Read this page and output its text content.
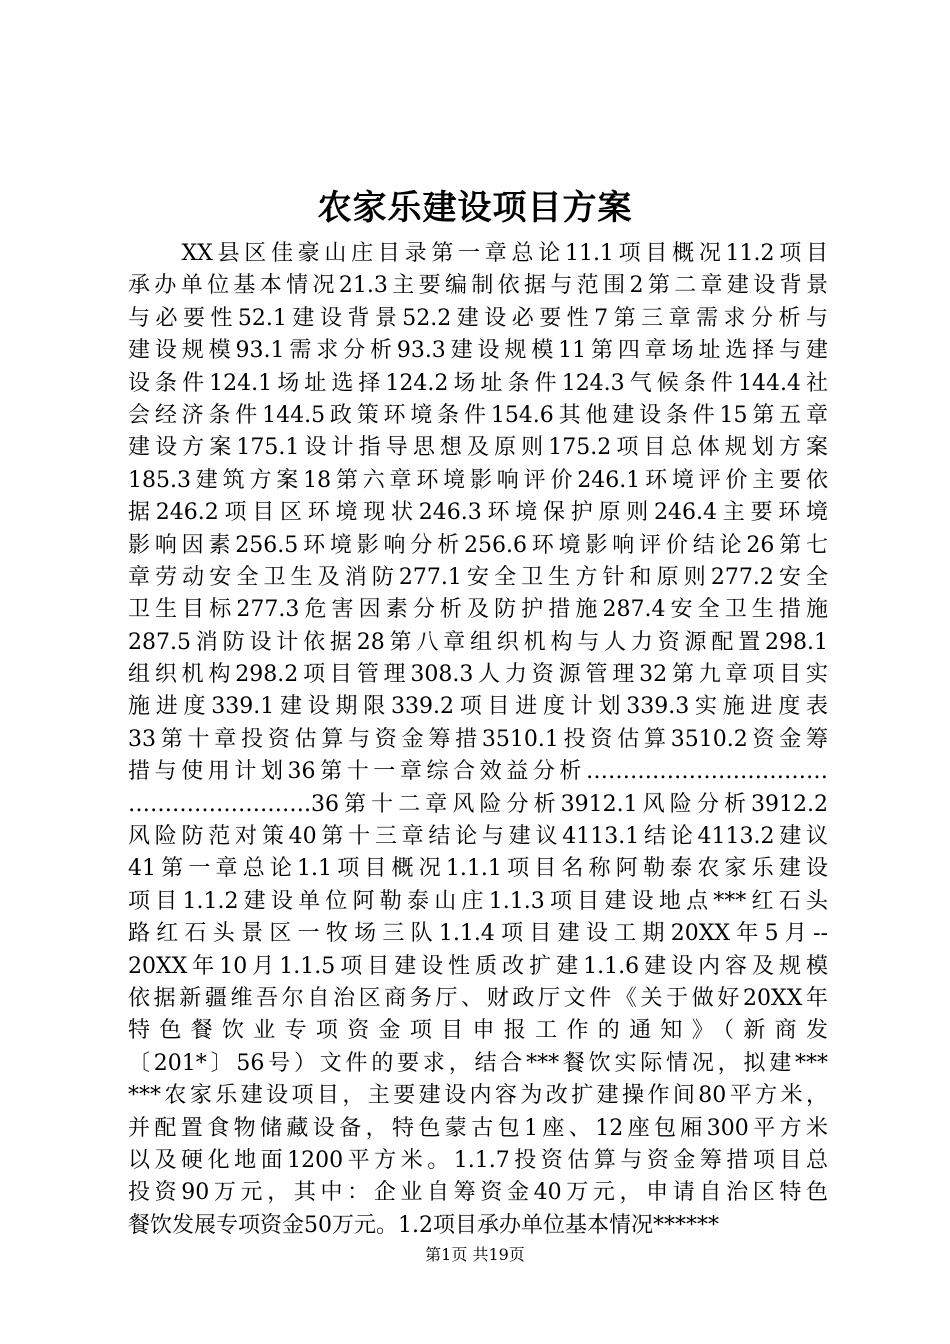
农家乐建设项目方案
　　XX县区佳豪山庄目录第一章总论11.1项目概况11.2项目
承办单位基本情况21.3主要编制依据与范围2第二章建设背景
与必要性52.1建设背景52.2建设必要性7第三章需求分析与
建设规模93.1需求分析93.3建设规模11第四章场址选择与建
设条件124.1场址选择124.2场址条件124.3气候条件144.4社
会经济条件144.5政策环境条件154.6其他建设条件15第五章
建设方案175.1设计指导思想及原则175.2项目总体规划方案
185.3建筑方案18第六章环境影响评价246.1环境评价主要依
据246.2项目区环境现状246.3环境保护原则246.4主要环境
影响因素256.5环境影响分析256.6环境影响评价结论26第七
章劳动安全卫生及消防277.1安全卫生方针和原则277.2安全
卫生目标277.3危害因素分析及防护措施287.4安全卫生措施
287.5消防设计依据28第八章组织机构与人力资源配置298.1
组织机构298.2项目管理308.3人力资源管理32第九章项目实
施进度339.1建设期限339.2项目进度计划339.3实施进度表
33第十章投资估算与资金筹措3510.1投资估算3510.2资金筹
措与使用计划36第十一章综合效益分析……………………………
…………………….36第十二章风险分析3912.1风险分析3912.2
风险防范对策40第十三章结论与建议4113.1结论4113.2建议
41第一章总论1.1项目概况1.1.1项目名称阿勒泰农家乐建设
项目1.1.2建设单位阿勒泰山庄1.1.3项目建设地点***红石头
路红石头景区一牧场三队1.1.4项目建设工期20XX年5月--
20XX年10月1.1.5项目建设性质改扩建1.1.6建设内容及规模
依据新疆维吾尔自治区商务厅、财政厅文件《关于做好20XX年
特色餐饮业专项资金项目申报工作的通知》（新商发
〔201*〕56号）文件的要求，结合***餐饮实际情况，拟建***
***农家乐建设项目，主要建设内容为改扩建操作间80平方米，
并配置食物储藏设备，特色蒙古包1座、12座包厢300平方米
以及硬化地面1200平方米。1.1.7投资估算与资金筹措项目总
投资90万元，其中：企业自筹资金40万元，申请自治区特色
餐饮发展专项资金50万元。1.2项目承办单位基本情况******
第1页 共19页
